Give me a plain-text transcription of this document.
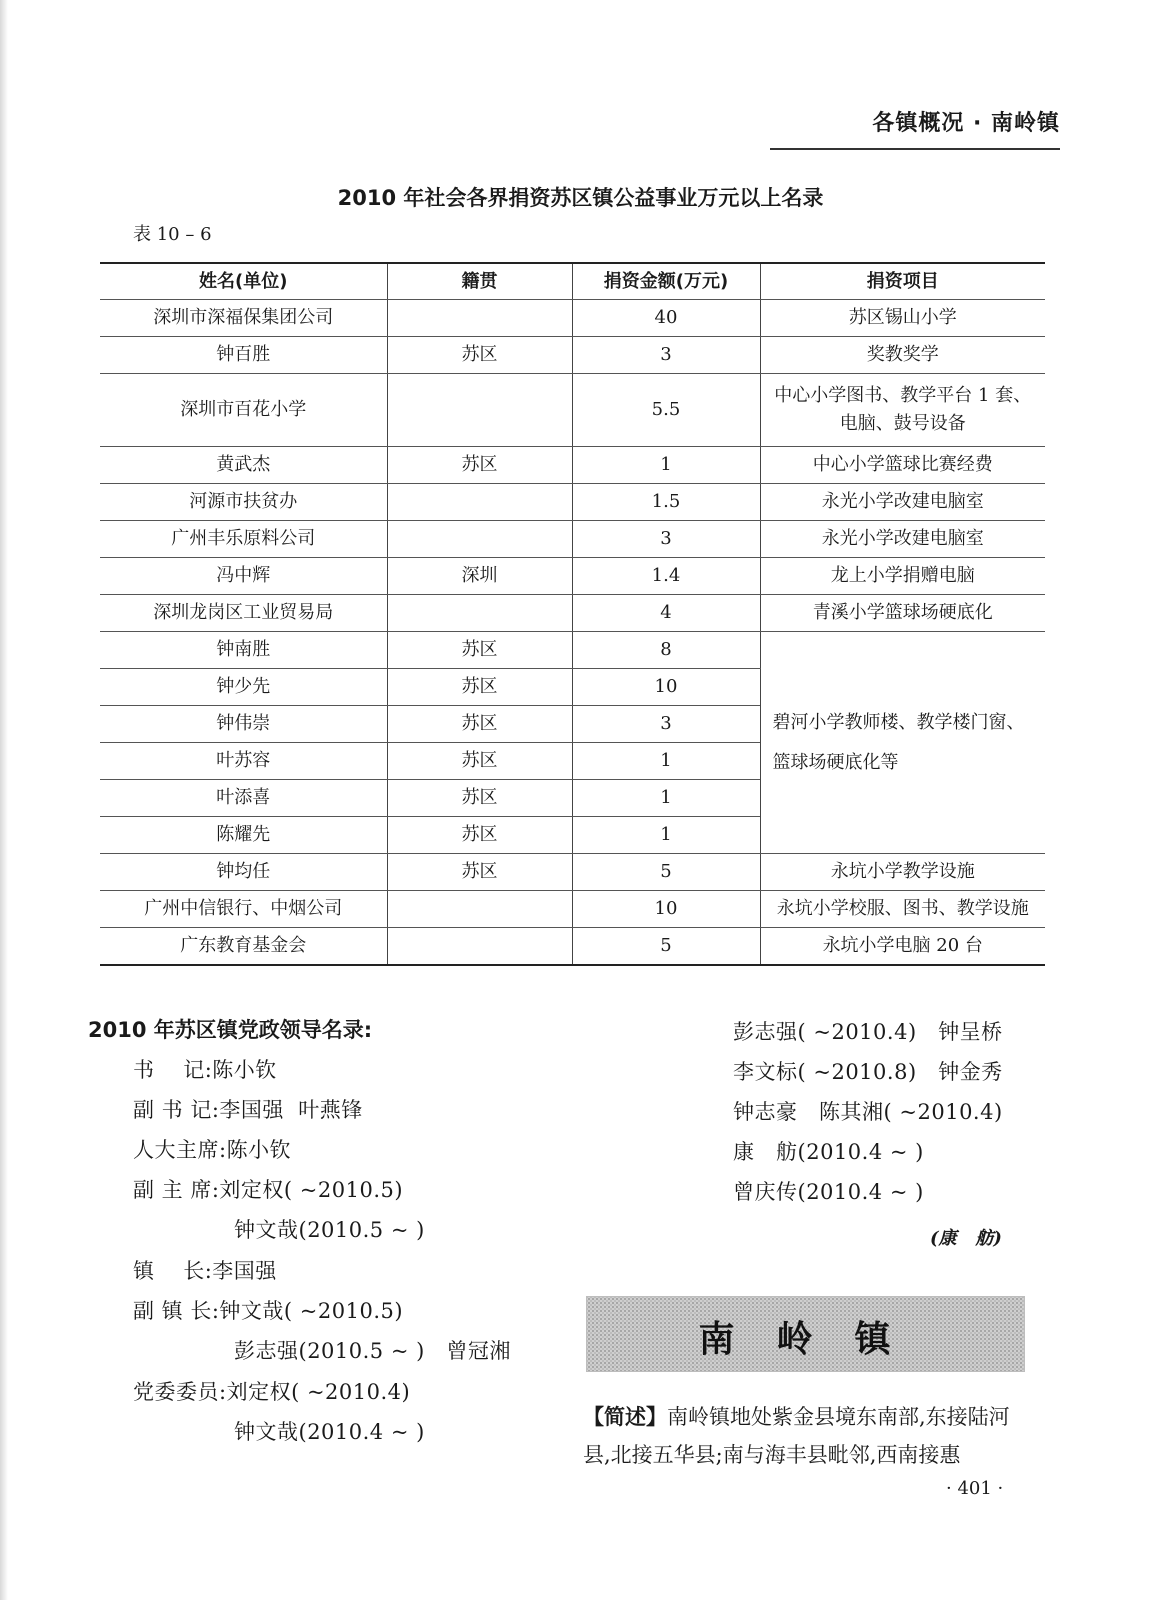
各镇概况 · 南岭镇
2010 年社会各界捐资苏区镇公益事业万元以上名录
表 10 – 6
姓名(单位)	籍贯	捐资金额(万元)	捐资项目
深圳市深福保集团公司		40	苏区锡山小学
钟百胜	苏区	3	奖教奖学
深圳市百花小学		5.5	中心小学图书、教学平台 1 套、
电脑、鼓号设备

黄武杰	苏区	1	中心小学篮球比赛经费
河源市扶贫办		1.5	永光小学改建电脑室
广州丰乐原料公司		3	永光小学改建电脑室
冯中辉	深圳	1.4	龙上小学捐赠电脑
深圳龙岗区工业贸易局		4	青溪小学篮球场硬底化
钟南胜	苏区	8	碧河小学教师楼、教学楼门窗、
篮球场硬底化等

钟少先	苏区	10	
钟伟崇	苏区	3	
叶苏容	苏区	1	
叶添喜	苏区	1	
陈耀先	苏区	1	
钟均任	苏区	5	永坑小学教学设施
广州中信银行、中烟公司		10	永坑小学校服、图书、教学设施
广东教育基金会		5	永坑小学电脑 20 台
2010 年苏区镇党政领导名录:
书    记:陈小钦
副 书 记:李国强  叶燕锋
人大主席:陈小钦
副 主 席:刘定权( ~2010.5)
钟文哉(2010.5 ~ )
镇    长:李国强
副 镇 长:钟文哉( ~2010.5)
彭志强(2010.5 ~ )   曾冠湘
党委委员:刘定权( ~2010.4)
钟文哉(2010.4 ~ )
彭志强( ~2010.4)   钟呈桥
李文标( ~2010.8)   钟金秀
钟志豪   陈其湘( ~2010.4)
康   舫(2010.4 ~ )
曾庆传(2010.4 ~ )
(康   舫)
南岭镇
【简述】南岭镇地处紫金县境东南部,东接陆河县,北接五华县;南与海丰县毗邻,西南接惠
· 401 ·
